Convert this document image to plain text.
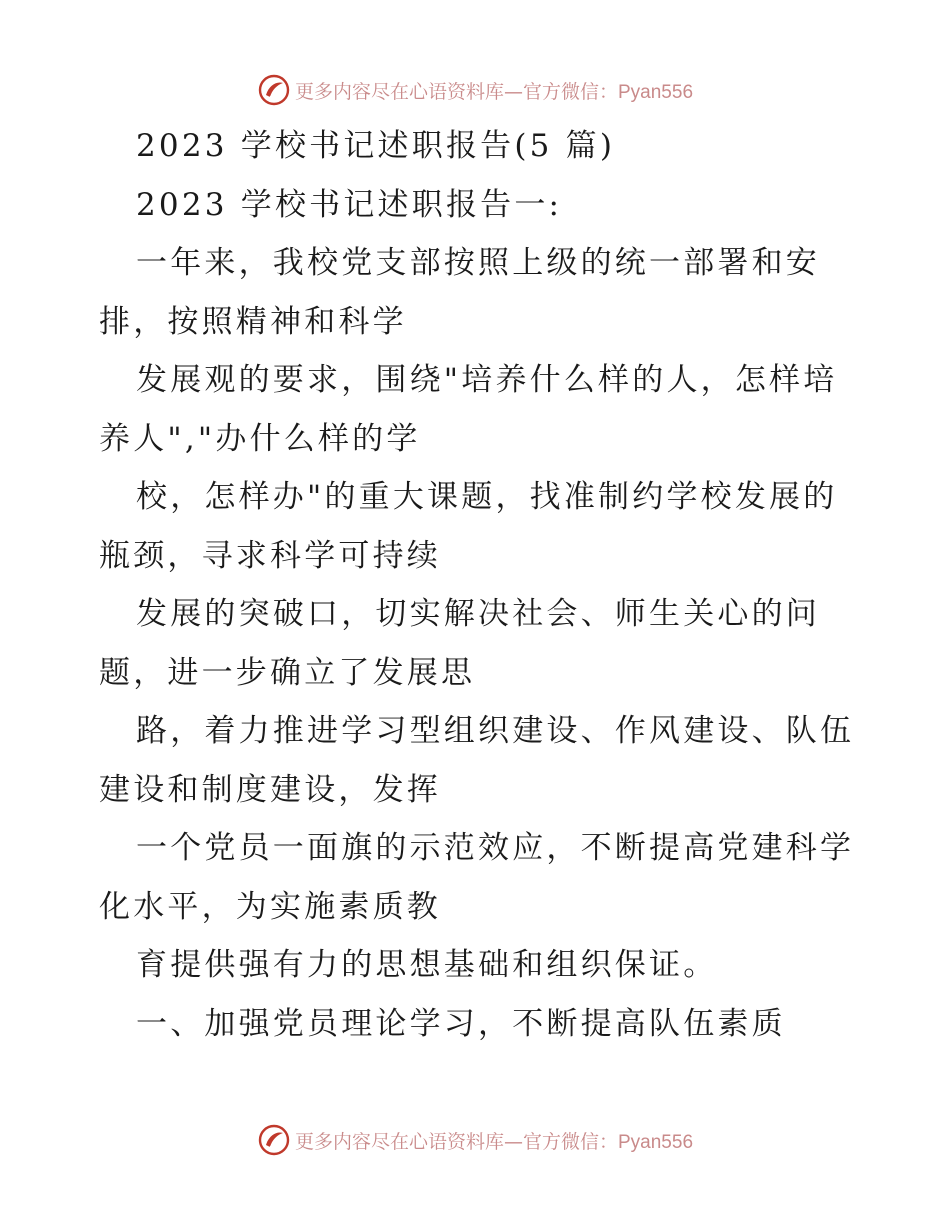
更多内容尽在心语资料库—官方微信：Pyan556
2023 学校书记述职报告(5 篇)
2023 学校书记述职报告一:
一年来，我校党支部按照上级的统一部署和安
排，按照精神和科学
发展观的要求，围绕"培养什么样的人，怎样培
养人","办什么样的学
校，怎样办"的重大课题，找准制约学校发展的
瓶颈，寻求科学可持续
发展的突破口，切实解决社会、师生关心的问
题，进一步确立了发展思
路，着力推进学习型组织建设、作风建设、队伍
建设和制度建设，发挥
一个党员一面旗的示范效应，不断提高党建科学
化水平，为实施素质教
育提供强有力的思想基础和组织保证。
一、加强党员理论学习，不断提高队伍素质
更多内容尽在心语资料库—官方微信：Pyan556
